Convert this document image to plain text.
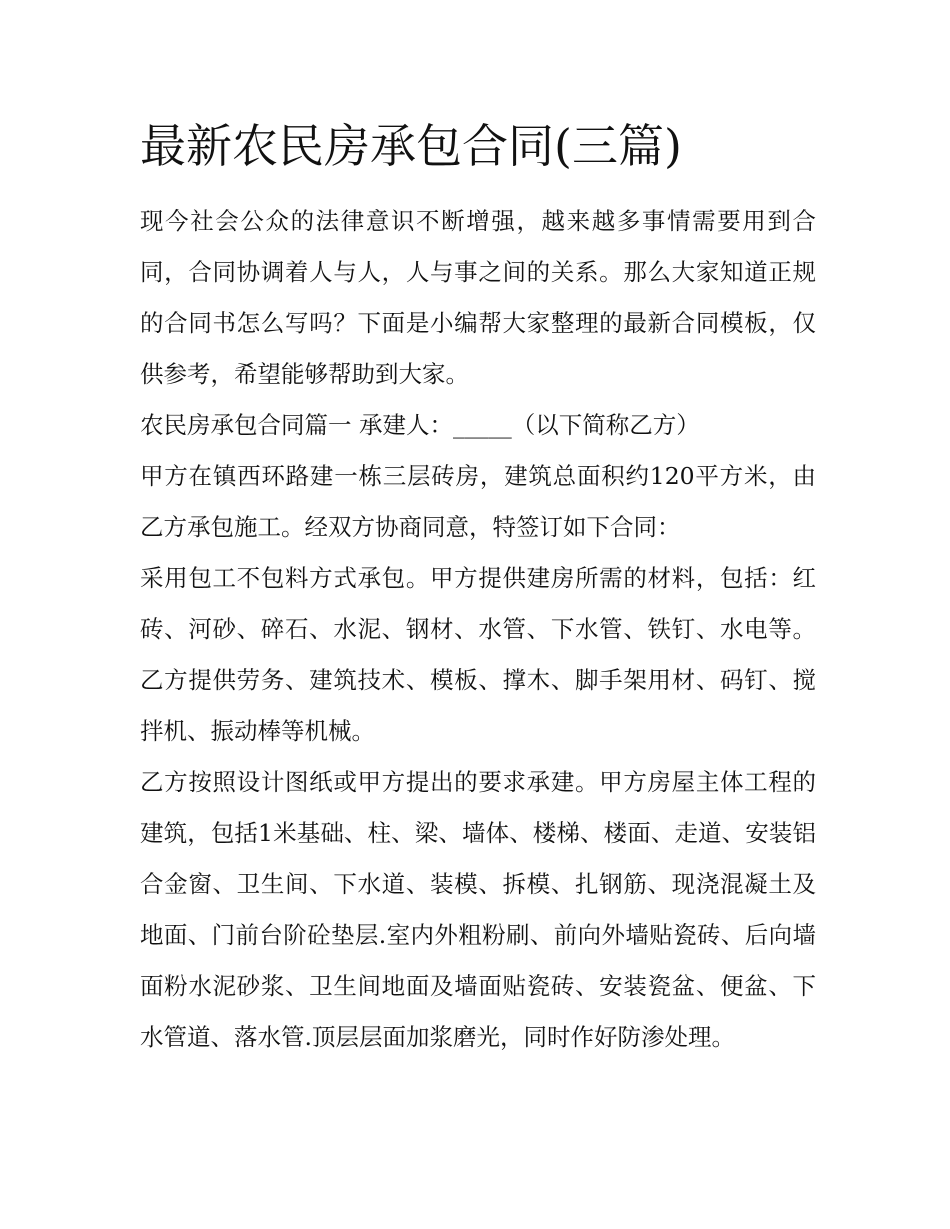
最新农民房承包合同(三篇)

现今社会公众的法律意识不断增强，越来越多事情需要用到合同，合同协调着人与人，人与事之间的关系。那么大家知道正规的合同书怎么写吗？下面是小编帮大家整理的最新合同模板，仅供参考，希望能够帮助到大家。

农民房承包合同篇一 承建人：_____（以下简称乙方）

甲方在镇西环路建一栋三层砖房，建筑总面积约120平方米，由乙方承包施工。经双方协商同意，特签订如下合同：

采用包工不包料方式承包。甲方提供建房所需的材料，包括：红砖、河砂、碎石、水泥、钢材、水管、下水管、铁钉、水电等。乙方提供劳务、建筑技术、模板、撑木、脚手架用材、码钉、搅拌机、振动棒等机械。

乙方按照设计图纸或甲方提出的要求承建。甲方房屋主体工程的建筑，包括1米基础、柱、梁、墙体、楼梯、楼面、走道、安装铝合金窗、卫生间、下水道、装模、拆模、扎钢筋、现浇混凝土及地面、门前台阶砼垫层.室内外粗粉刷、前向外墙贴瓷砖、后向墙面粉水泥砂浆、卫生间地面及墙面贴瓷砖、安装瓷盆、便盆、下水管道、落水管.顶层层面加浆磨光，同时作好防渗处理。
